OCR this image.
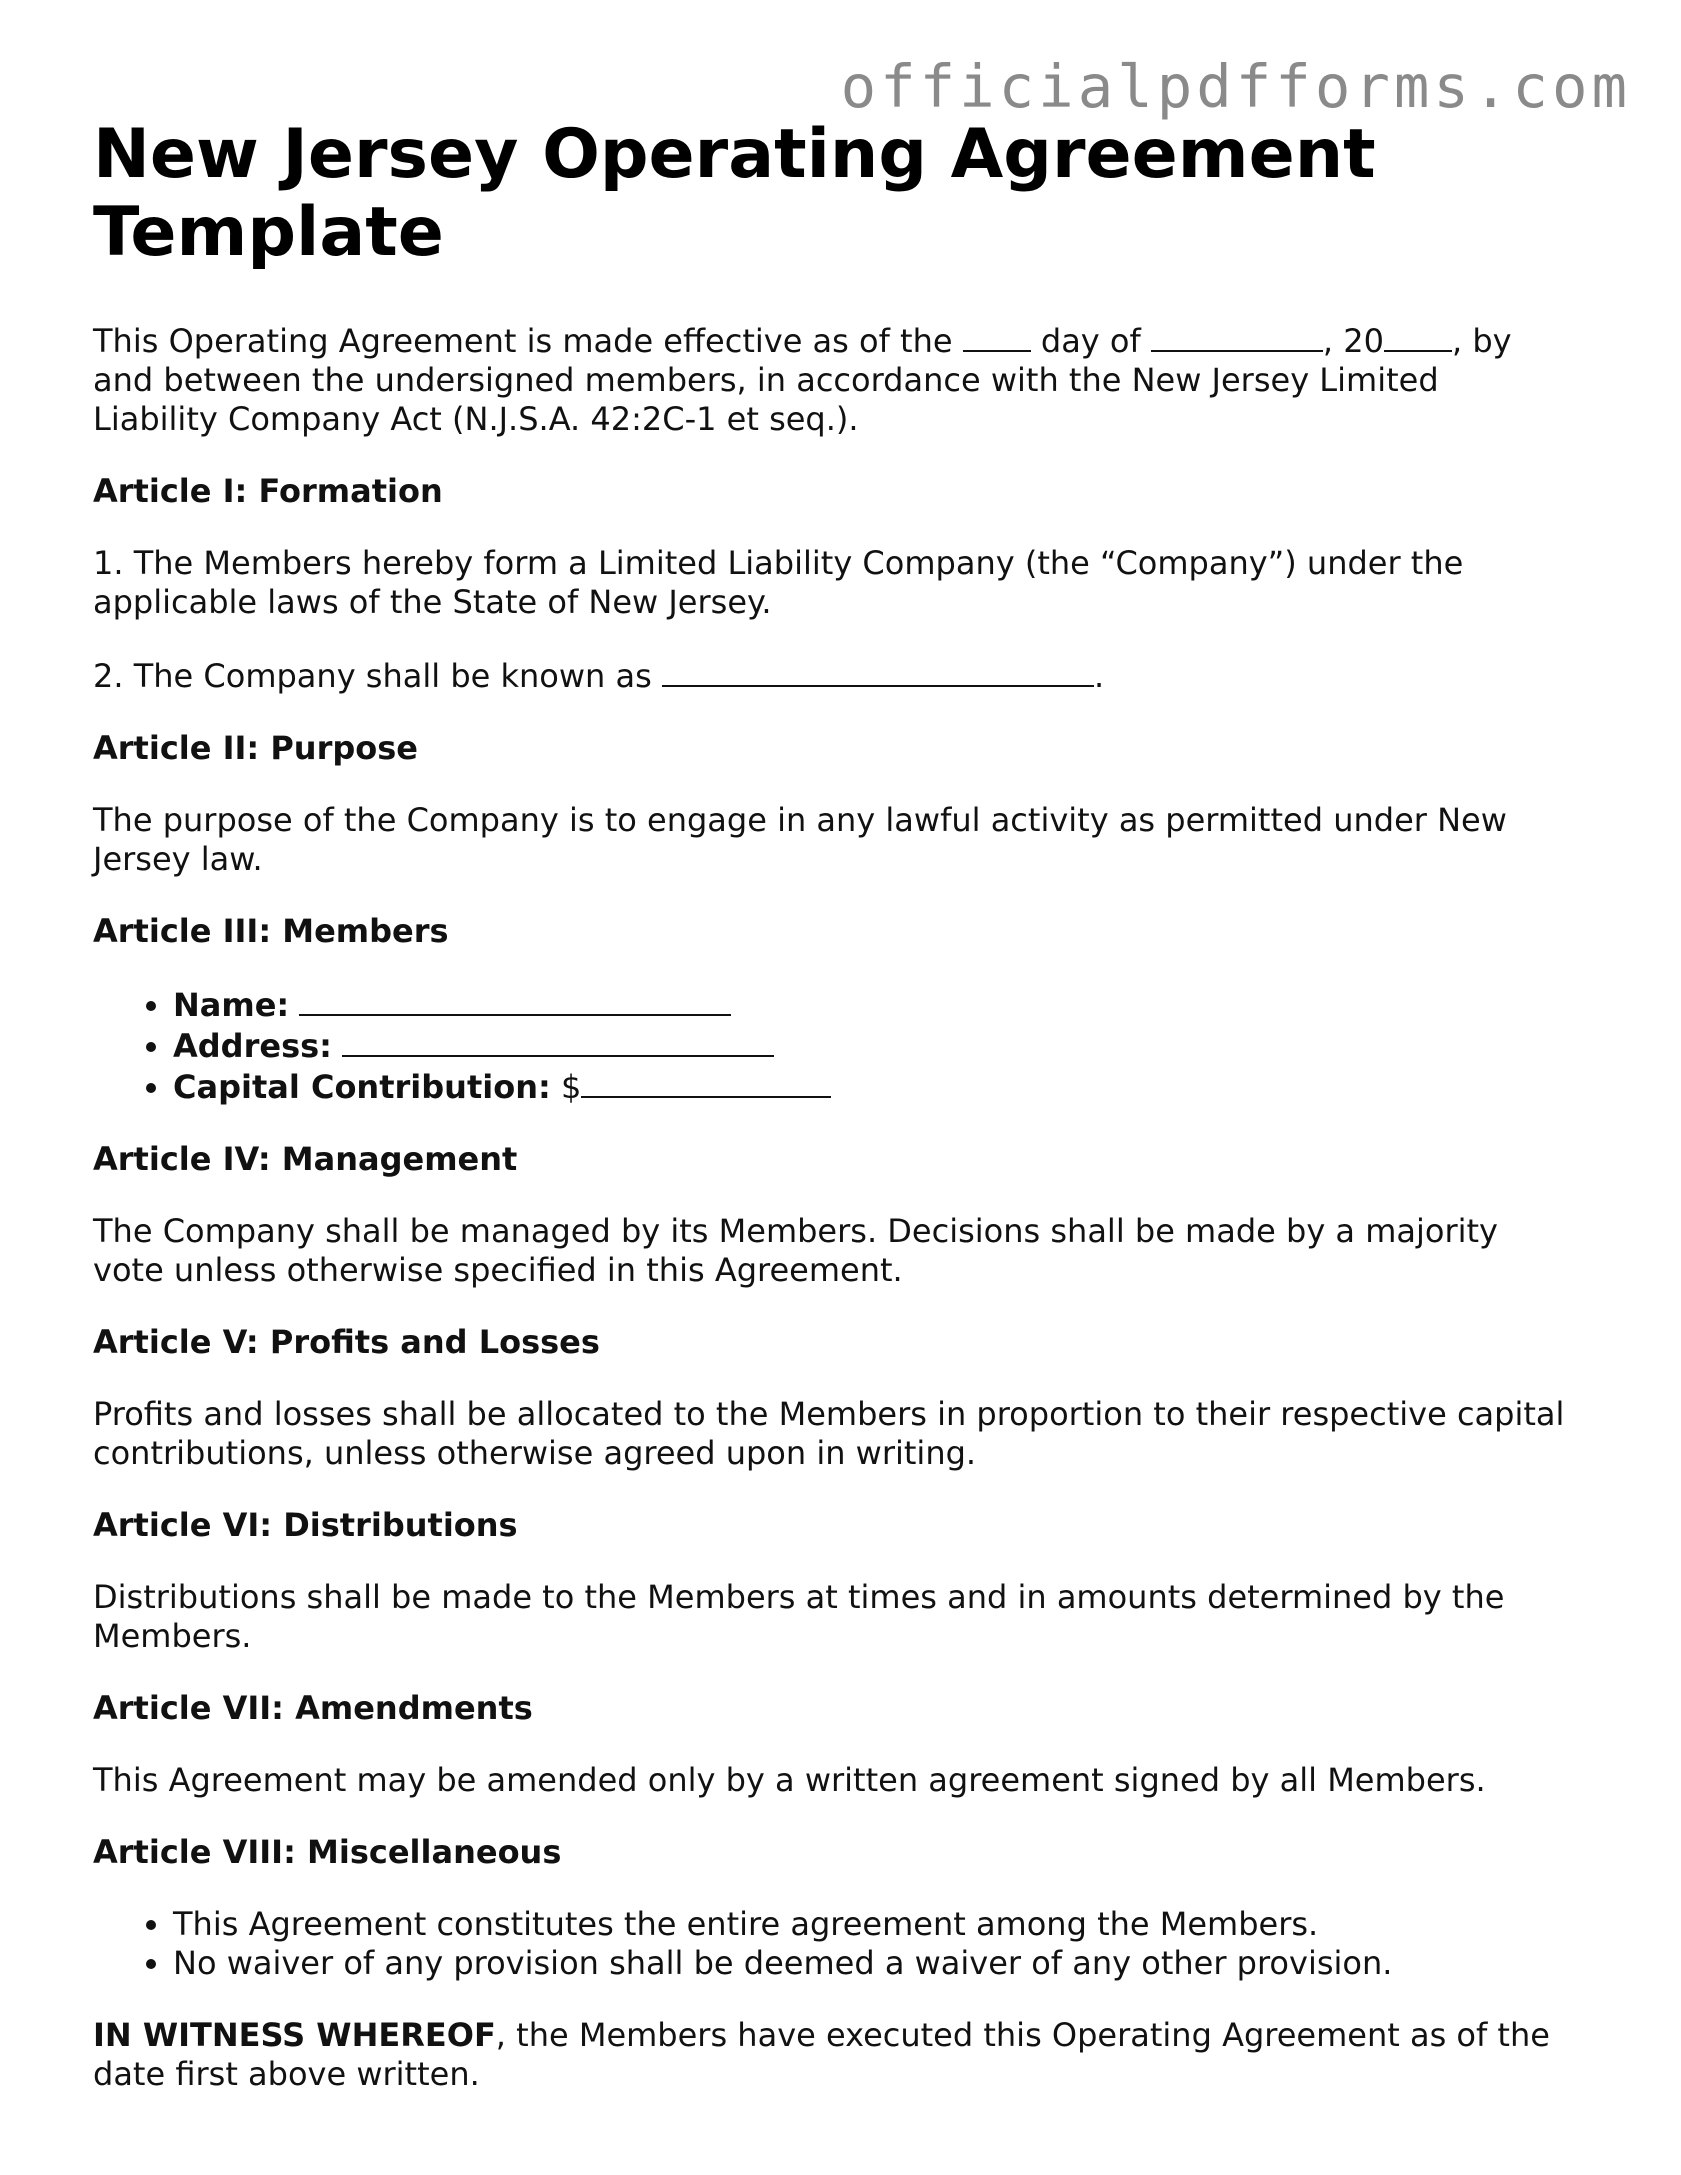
officialpdfforms.com
New Jersey Operating Agreement Template

This Operating Agreement is made effective as of the	day of	, 20 , by and between the undersigned members, in accordance with the New Jersey Limited Liability Company Act (N.J.S.A. 42:2C-1 et seq.).

Article I: Formation

1. The Members hereby form a Limited Liability Company (the “Company”) under the applicable laws of the State of New Jersey.

2. The Company shall be known as	.

Article II: Purpose

The purpose of the Company is to engage in any lawful activity as permitted under New Jersey law.

Article III: Members

• Name:
• Address:
• Capital Contribution: $

Article IV: Management

The Company shall be managed by its Members. Decisions shall be made by a majority vote unless otherwise specified in this Agreement.

Article V: Profits and Losses

Profits and losses shall be allocated to the Members in proportion to their respective capital contributions, unless otherwise agreed upon in writing.

Article VI: Distributions

Distributions shall be made to the Members at times and in amounts determined by the Members.

Article VII: Amendments

This Agreement may be amended only by a written agreement signed by all Members.

Article VIII: Miscellaneous

• This Agreement constitutes the entire agreement among the Members.
• No waiver of any provision shall be deemed a waiver of any other provision.

IN WITNESS WHEREOF, the Members have executed this Operating Agreement as of the date first above written.
